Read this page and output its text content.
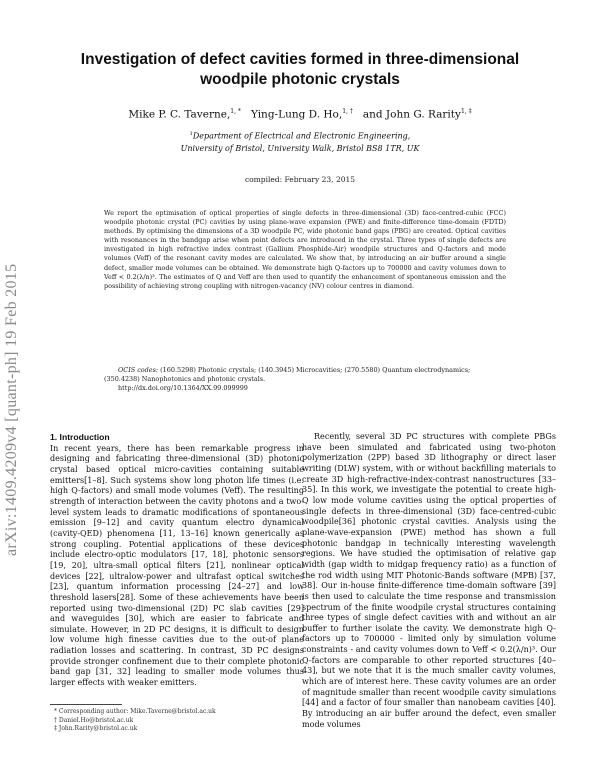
arXiv:1409.4209v4 [quant-ph] 19 Feb 2015
Investigation of defect cavities formed in three-dimensional woodpile photonic crystals
Mike P. C. Taverne,$^{1, *}$ Ying-Lung D. Ho,$^{1, \dagger}$ and John G. Rarity$^{1, \ddagger}$
$^1$Department of Electrical and Electronic Engineering,
University of Bristol, University Walk, Bristol BS8 1TR, UK
compiled: February 23, 2015

We report the optimisation of optical properties of single defects in three-dimensional (3D) face-centred-cubic (FCC) woodpile photonic crystal (PC) cavities by using plane-wave expansion (PWE) and finite-difference time-domain (FDTD) methods. By optimising the dimensions of a 3D woodpile PC, wide photonic band gaps (PBG) are created. Optical cavities with resonances in the bandgap arise when point defects are introduced in the crystal. Three types of single defects are investigated in high refractive index contrast (Gallium Phosphide-Air) woodpile structures and Q-factors and mode volumes (Veff) of the resonant cavity modes are calculated. We show that, by introducing an air buffer around a single defect, smaller mode volumes can be obtained. We demonstrate high Q-factors up to 700000 and cavity volumes down to Veff < 0.2(λ/n)³. The estimates of Q and Veff are then used to quantify the enhancement of spontaneous emission and the possibility of achieving strong coupling with nitrogen-vacancy (NV) colour centres in diamond.

OCIS codes: (160.5298) Photonic crystals; (140.3945) Microcavities; (270.5580) Quantum electrodynamics; (350.4238) Nanophotonics and photonic crystals.
http://dx.doi.org/10.1364/XX.99.099999
1. Introduction

In recent years, there has been remarkable progress in designing and fabricating three-dimensional (3D) photonic crystal based optical micro-cavities containing suitable emitters[1–8]. Such systems show long photon life times (i.e. high Q-factors) and small mode volumes (Veff). The resulting strength of interaction between the cavity photons and a two-level system leads to dramatic modifications of spontaneous emission [9–12] and cavity quantum electro dynamical (cavity-QED) phenomena [11, 13–16] known generically as strong coupling. Potential applications of these devices include electro-optic modulators [17, 18], photonic sensors [19, 20], ultra-small optical filters [21], nonlinear optical devices [22], ultralow-power and ultrafast optical switches [23], quantum information processing [24–27] and low threshold lasers[28]. Some of these achievements have been reported using two-dimensional (2D) PC slab cavities [29] and waveguides [30], which are easier to fabricate and simulate. However, in 2D PC designs, it is difficult to design low volume high finesse cavities due to the out-of plane radiation losses and scattering. In contrast, 3D PC designs provide stronger confinement due to their complete photonic band gap [31, 32] leading to smaller mode volumes thus larger effects with weaker emitters.

Recently, several 3D PC structures with complete PBGs have been simulated and fabricated using two-photon polymerization (2PP) based 3D lithography or direct laser writing (DLW) system, with or without backfilling materials to create 3D high-refractive-index-contrast nanostructures [33–35]. In this work, we investigate the potential to create high-Q low mode volume cavities using the optical properties of single defects in three-dimensional (3D) face-centred-cubic woodpile[36] photonic crystal cavities. Analysis using the plane-wave-expansion (PWE) method has shown a full photonic bandgap in technically interesting wavelength regions. We have studied the optimisation of relative gap width (gap width to midgap frequency ratio) as a function of the rod width using MIT Photonic-Bands software (MPB) [37, 38]. Our in-house finite-difference time-domain software [39] is then used to calculate the time response and transmission spectrum of the finite woodpile crystal structures containing three types of single defect cavities with and without an air buffer to further isolate the cavity. We demonstrate high Q-factors up to 700000 - limited only by simulation volume constraints - and cavity volumes down to Veff < 0.2(λ/n)³. Our Q-factors are comparable to other reported structures [40–43], but we note that it is the much smaller cavity volumes, which are of interest here. These cavity volumes are an order of magnitude smaller than recent woodpile cavity simulations [44] and a factor of four smaller than nanobeam cavities [40]. By introducing an air buffer around the defect, even smaller mode volumes

* Corresponding author: Mike.Taverne@bristol.ac.uk
† Daniel.Ho@bristol.ac.uk
‡ John.Rarity@bristol.ac.uk
